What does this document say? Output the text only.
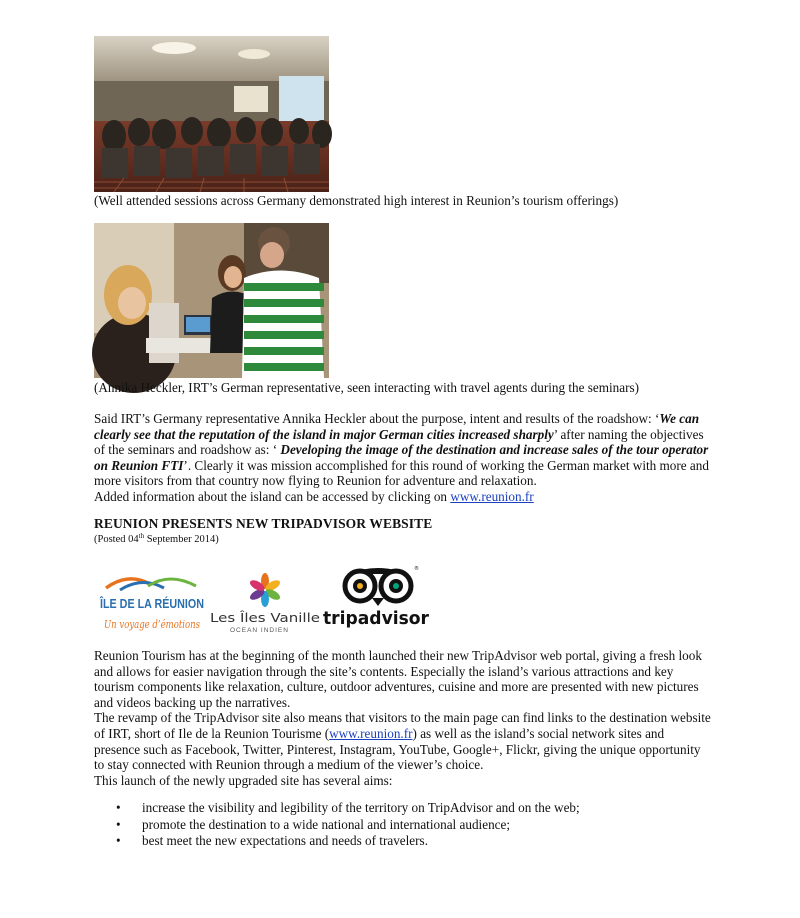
(Well attended sessions across Germany demonstrated high interest in Reunion’s tourism offerings)
(Annika Heckler, IRT’s German representative, seen interacting with travel agents during the seminars)
Said IRT’s Germany representative Annika Heckler about the purpose, intent and results of the roadshow: ‘We can clearly see that the reputation of the island in major German cities increased sharply’ after naming the objectives of the seminars and roadshow as: ‘ Developing the image of the destination and increase sales of the tour operator on Reunion FTI’. Clearly it was mission accomplished for this round of working the German market with more and more visitors from that country now flying to Reunion for adventure and relaxation.
Added information about the island can be accessed by clicking on www.reunion.fr
REUNION PRESENTS NEW TRIPADVISOR WEBSITE
(Posted 04th September 2014)
ÎLE DE LA RÉUNION
Un voyage d’émotions Les Îles Vanille
OCEAN INDIEN
®
tripadvisor
Reunion Tourism has at the beginning of the month launched their new TripAdvisor web portal, giving a fresh look and allows for easier navigation through the site’s contents. Especially the island’s various attractions and key tourism components like relaxation, culture, outdoor adventures, cuisine and more are presented with new pictures and videos backing up the narratives.
The revamp of the TripAdvisor site also means that visitors to the main page can find links to the destination website of IRT, short of Ile de la Reunion Tourisme (www.reunion.fr) as well as the island’s social network sites and presence such as Facebook, Twitter, Pinterest, Instagram, YouTube, Google+, Flickr, giving the unique opportunity to stay connected with Reunion through a medium of the viewer’s choice.
This launch of the newly upgraded site has several aims:
• increase the visibility and legibility of the territory on TripAdvisor and on the web;
• promote the destination to a wide national and international audience;
• best meet the new expectations and needs of travelers.
